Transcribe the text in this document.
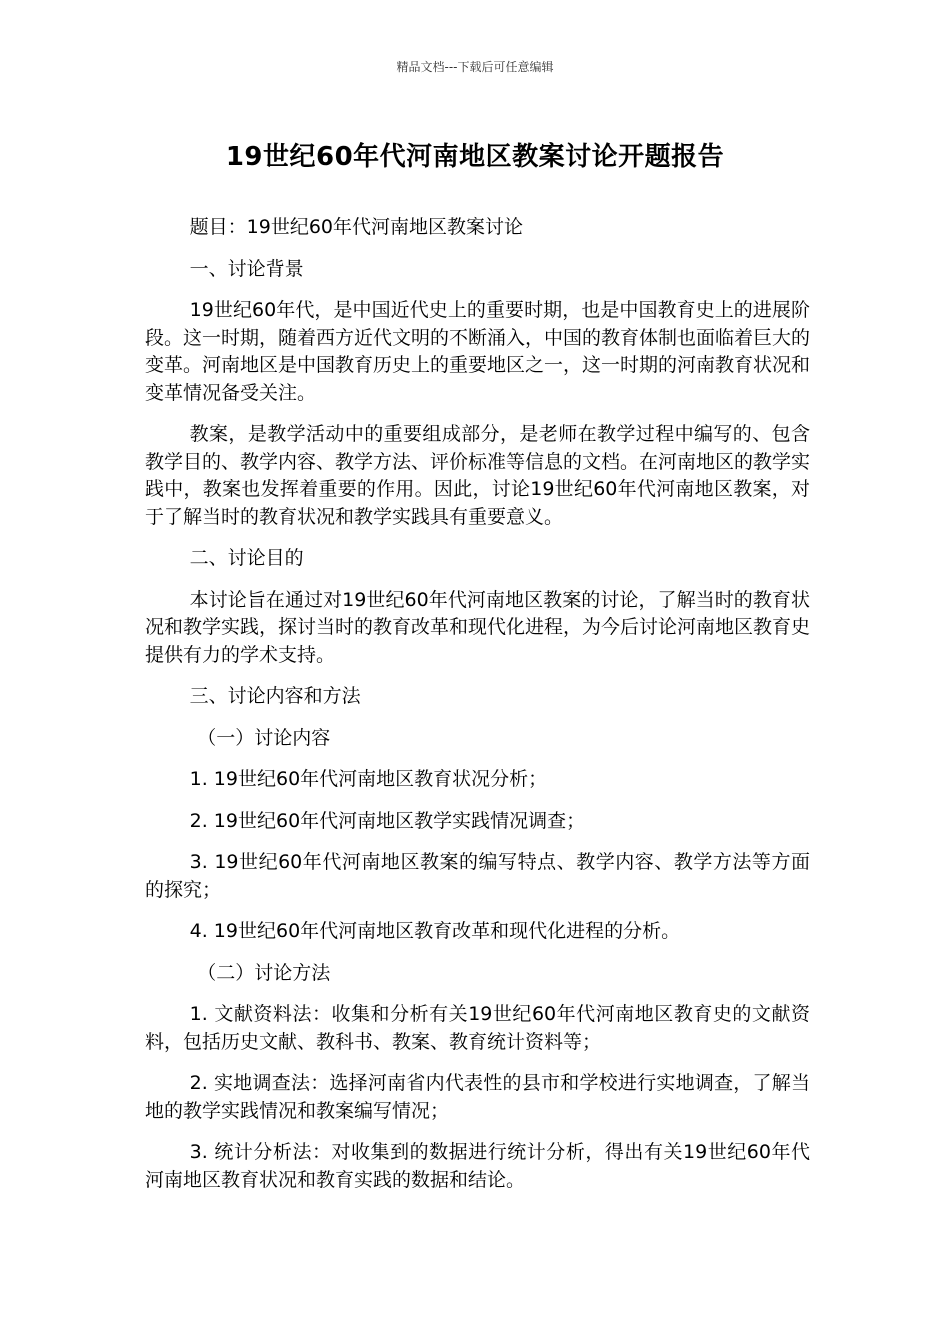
精品文档---下载后可任意编辑
19世纪60年代河南地区教案讨论开题报告

题目：19世纪60年代河南地区教案讨论

一、讨论背景

19世纪60年代，是中国近代史上的重要时期，也是中国教育史上的进展阶段。这一时期，随着西方近代文明的不断涌入，中国的教育体制也面临着巨大的变革。河南地区是中国教育历史上的重要地区之一，这一时期的河南教育状况和变革情况备受关注。

教案，是教学活动中的重要组成部分，是老师在教学过程中编写的、包含教学目的、教学内容、教学方法、评价标准等信息的文档。在河南地区的教学实践中，教案也发挥着重要的作用。因此，讨论19世纪60年代河南地区教案，对于了解当时的教育状况和教学实践具有重要意义。

二、讨论目的

本讨论旨在通过对19世纪60年代河南地区教案的讨论，了解当时的教育状况和教学实践，探讨当时的教育改革和现代化进程，为今后讨论河南地区教育史提供有力的学术支持。

三、讨论内容和方法

（一）讨论内容

1. 19世纪60年代河南地区教育状况分析；

2. 19世纪60年代河南地区教学实践情况调查；

3. 19世纪60年代河南地区教案的编写特点、教学内容、教学方法等方面的探究；

4. 19世纪60年代河南地区教育改革和现代化进程的分析。

（二）讨论方法

1. 文献资料法：收集和分析有关19世纪60年代河南地区教育史的文献资料，包括历史文献、教科书、教案、教育统计资料等；

2. 实地调查法：选择河南省内代表性的县市和学校进行实地调查，了解当地的教学实践情况和教案编写情况；

3. 统计分析法：对收集到的数据进行统计分析，得出有关19世纪60年代河南地区教育状况和教育实践的数据和结论。
